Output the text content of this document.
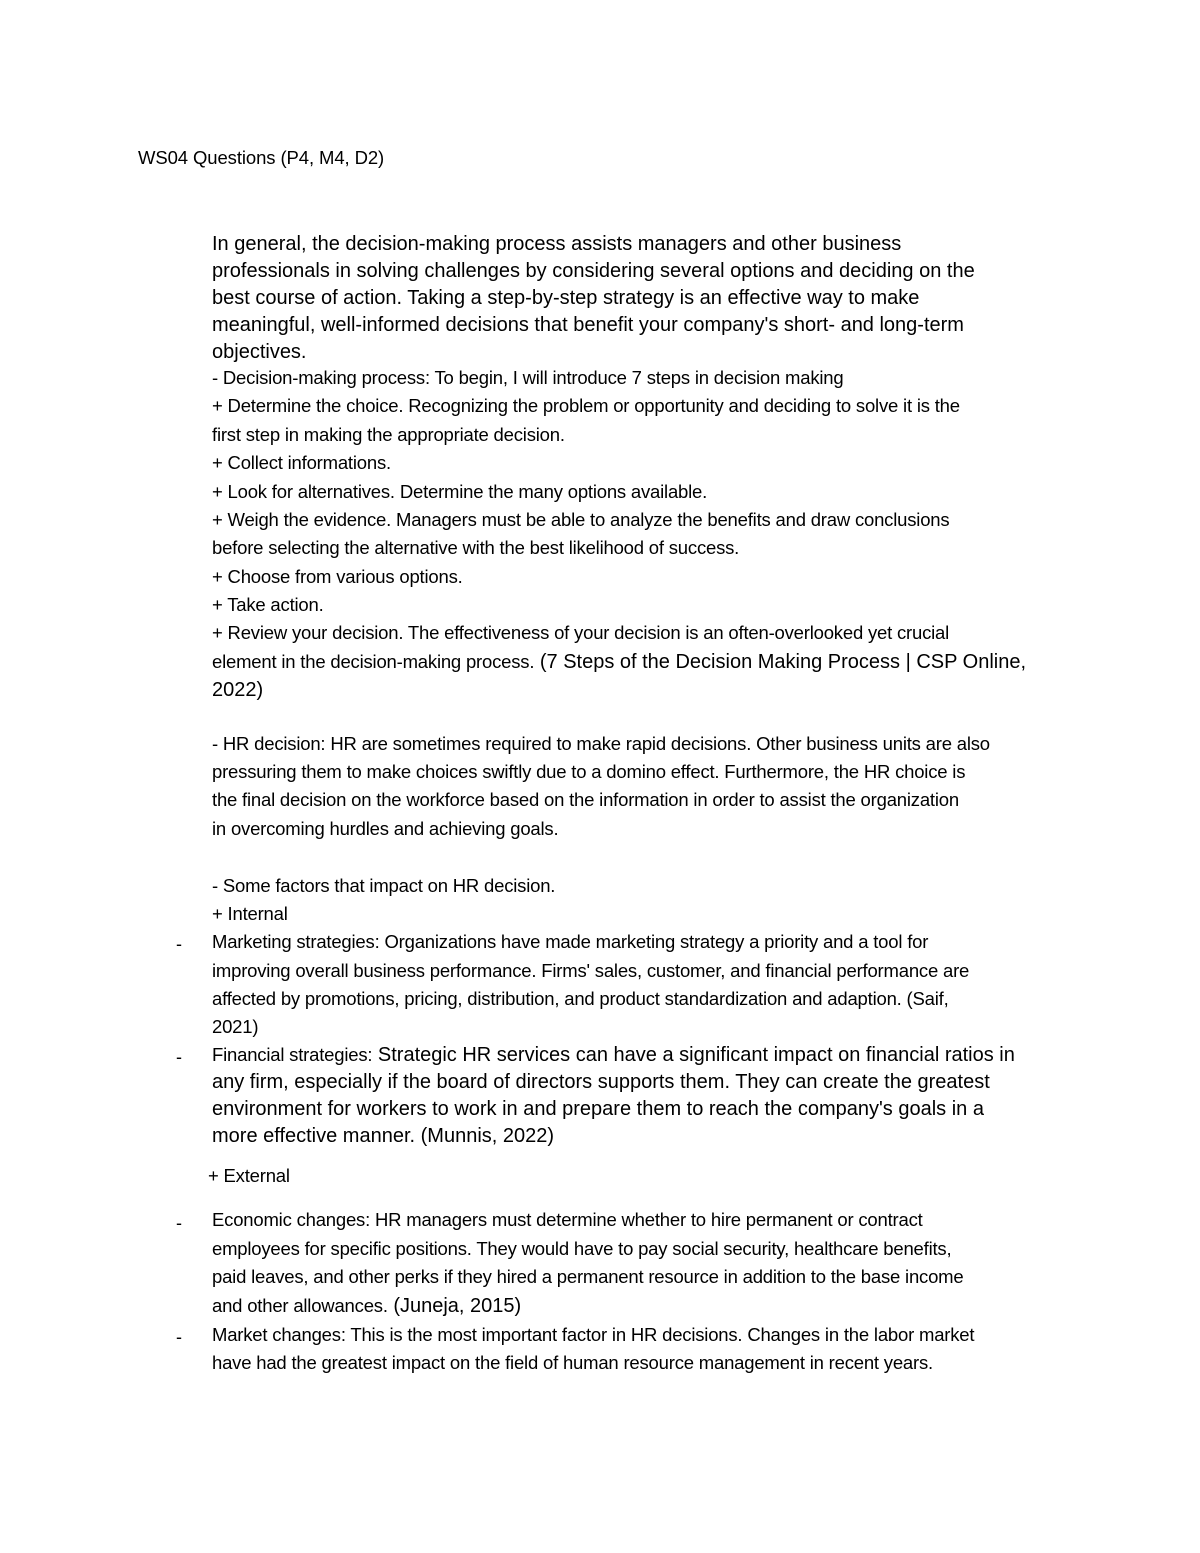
WS04 Questions (P4, M4, D2)
In general, the decision-making process assists managers and other business
professionals in solving challenges by considering several options and deciding on the
best course of action. Taking a step-by-step strategy is an effective way to make
meaningful, well-informed decisions that benefit your company's short- and long-term
objectives.
- Decision-making process: To begin, I will introduce 7 steps in decision making
+ Determine the choice. Recognizing the problem or opportunity and deciding to solve it is the
first step in making the appropriate decision.
+ Collect informations.
+ Look for alternatives. Determine the many options available.
+ Weigh the evidence. Managers must be able to analyze the benefits and draw conclusions
before selecting the alternative with the best likelihood of success.
+ Choose from various options.
+ Take action.
+ Review your decision. The effectiveness of your decision is an often-overlooked yet crucial
element in the decision-making process. (7 Steps of the Decision Making Process | CSP Online,
2022)
- HR decision: HR are sometimes required to make rapid decisions. Other business units are also
pressuring them to make choices swiftly due to a domino effect. Furthermore, the HR choice is
the final decision on the workforce based on the information in order to assist the organization
in overcoming hurdles and achieving goals.
- Some factors that impact on HR decision.
+ Internal
- Marketing strategies: Organizations have made marketing strategy a priority and a tool for
improving overall business performance. Firms' sales, customer, and financial performance are
affected by promotions, pricing, distribution, and product standardization and adaption. (Saif,
2021)
- Financial strategies: Strategic HR services can have a significant impact on financial ratios in
any firm, especially if the board of directors supports them. They can create the greatest
environment for workers to work in and prepare them to reach the company's goals in a
more effective manner. (Munnis, 2022)
+ External
- Economic changes: HR managers must determine whether to hire permanent or contract
employees for specific positions. They would have to pay social security, healthcare benefits,
paid leaves, and other perks if they hired a permanent resource in addition to the base income
and other allowances. (Juneja, 2015)
- Market changes: This is the most important factor in HR decisions. Changes in the labor market
have had the greatest impact on the field of human resource management in recent years.
